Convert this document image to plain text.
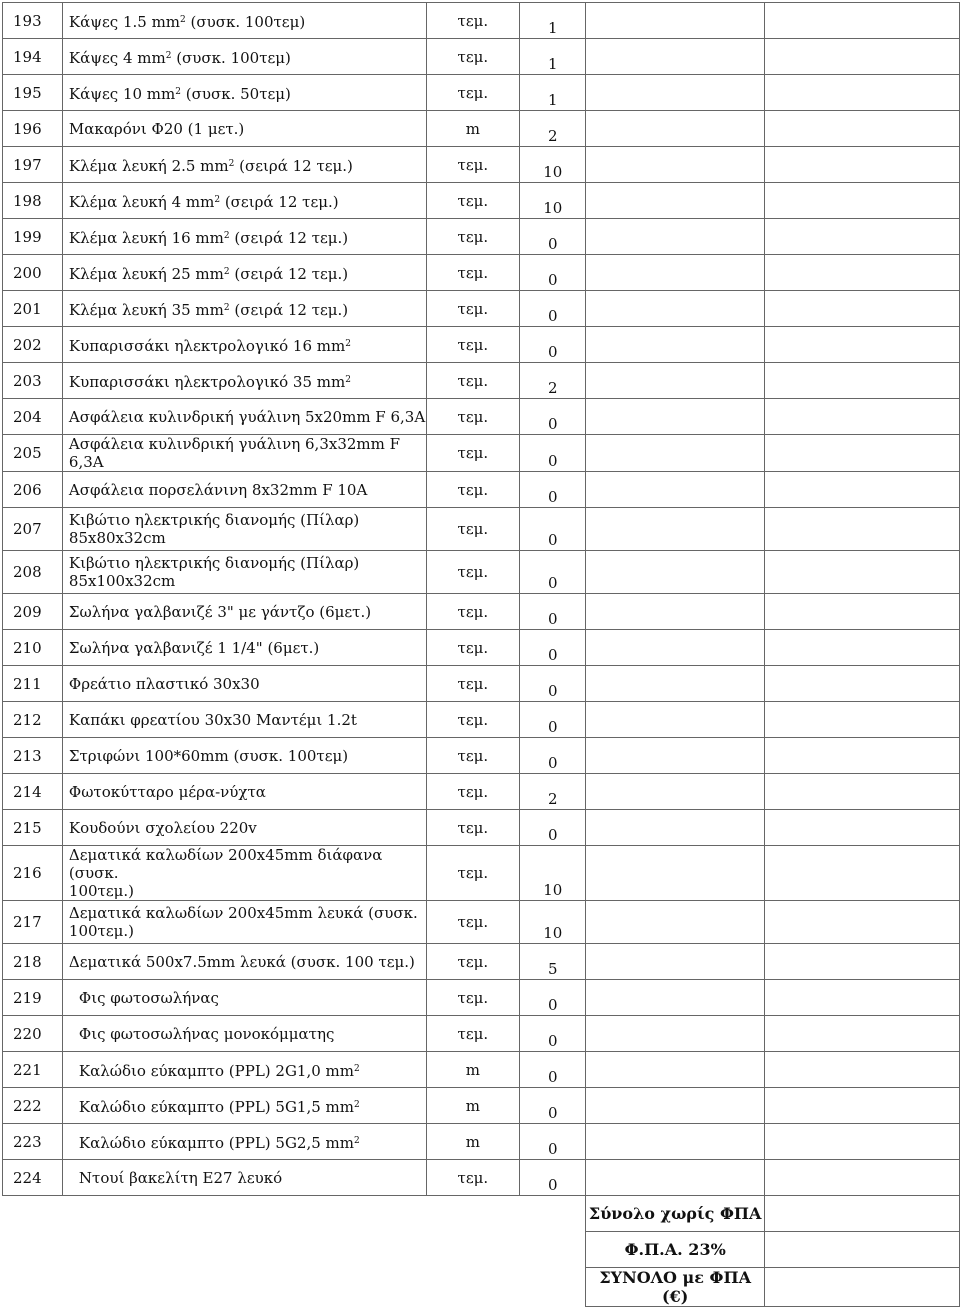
193	Κάψες 1.5 $mm^2$ (συσκ. 100τεμ)	τεμ.	1		
194	Κάψες 4 $mm^2$ (συσκ. 100τεμ)	τεμ.	1		
195	Κάψες 10 $mm^2$ (συσκ. 50τεμ)	τεμ.	1		
196	Μακαρόνι Φ20 (1 μετ.)	m	2		
197	Κλέμα λευκή 2.5 $mm^2$ (σειρά 12 τεμ.)	τεμ.	10		
198	Κλέμα λευκή 4 $mm^2$ (σειρά 12 τεμ.)	τεμ.	10		
199	Κλέμα λευκή 16 $mm^2$ (σειρά 12 τεμ.)	τεμ.	0		
200	Κλέμα λευκή 25 $mm^2$ (σειρά 12 τεμ.)	τεμ.	0		
201	Κλέμα λευκή 35 $mm^2$ (σειρά 12 τεμ.)	τεμ.	0		
202	Κυπαρισσάκι ηλεκτρολογικό 16 $mm^2$	τεμ.	0		
203	Κυπαρισσάκι ηλεκτρολογικό 35 $mm^2$	τεμ.	2		
204	Ασφάλεια κυλινδρική γυάλινη 5x20mm F 6,3A	τεμ.	0		
205	Ασφάλεια κυλινδρική γυάλινη 6,3x32mm F 6,3A	τεμ.	0		
206	Ασφάλεια πορσελάνινη 8x32mm F 10A	τεμ.	0		
207	Κιβώτιο ηλεκτρικής διανομής (Πίλαρ)
85x80x32cm	τεμ.	0		
208	Κιβώτιο ηλεκτρικής διανομής (Πίλαρ)
85x100x32cm	τεμ.	0		
209	Σωλήνα γαλβανιζέ 3" με γάντζο (6μετ.)	τεμ.	0		
210	Σωλήνα γαλβανιζέ 1 1/4" (6μετ.)	τεμ.	0		
211	Φρεάτιο πλαστικό 30x30	τεμ.	0		
212	Καπάκι φρεατίου 30x30 Μαντέμι 1.2t	τεμ.	0		
213	Στριφώνι 100*60mm (συσκ. 100τεμ)	τεμ.	0		
214	Φωτοκύτταρο μέρα-νύχτα	τεμ.	2		
215	Κουδούνι σχολείου 220v	τεμ.	0		
216	Δεματικά καλωδίων 200x45mm διάφανα (συσκ.
100τεμ.)	τεμ.	10		
217	Δεματικά καλωδίων 200x45mm λευκά (συσκ.
100τεμ.)	τεμ.	10		
218	Δεματικά 500x7.5mm λευκά (συσκ. 100 τεμ.)	τεμ.	5		
219	Φις φωτοσωλήνας	τεμ.	0		
220	Φις φωτοσωλήνας μονοκόμματης	τεμ.	0		
221	Καλώδιο εύκαμπτο (PPL) 2G1,0 $mm^2$	m	0		
222	Καλώδιο εύκαμπτο (PPL) 5G1,5 $mm^2$	m	0		
223	Καλώδιο εύκαμπτο (PPL) 5G2,5 $mm^2$	m	0		
224	Ντουί βακελίτη Ε27 λευκό	τεμ.	0		
				Σύνολο χωρίς ΦΠΑ	
				Φ.Π.Α. 23%	
				ΣΥΝΟΛΟ με ΦΠΑ (€)	
